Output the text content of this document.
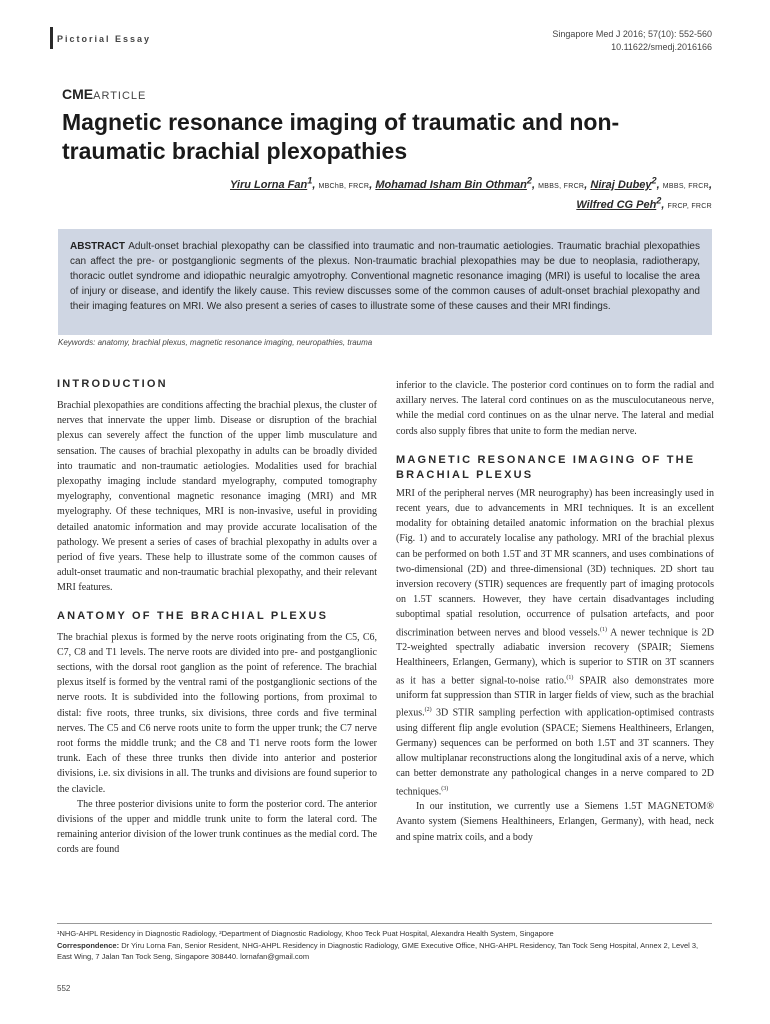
Pictorial Essay	Singapore Med J 2016; 57(10): 552-560
10.11622/smedj.2016166
CMEARTICLE
Magnetic resonance imaging of traumatic and non-traumatic brachial plexopathies
Yiru Lorna Fan$^1$, MBChB, FRCR, Mohamad Isham Bin Othman$^2$, MBBS, FRCR, Niraj Dubey$^2$, MBBS, FRCR,
Wilfred CG Peh$^2$, FRCP, FRCR
ABSTRACT Adult-onset brachial plexopathy can be classified into traumatic and non-traumatic aetiologies. Traumatic brachial plexopathies can affect the pre- or postganglionic segments of the plexus. Non-traumatic brachial plexopathies may be due to neoplasia, radiotherapy, thoracic outlet syndrome and idiopathic neuralgic amyotrophy. Conventional magnetic resonance imaging (MRI) is useful to localise the area of injury or disease, and identify the likely cause. This review discusses some of the common causes of adult-onset brachial plexopathy and their imaging features on MRI. We also present a series of cases to illustrate some of these causes and their MRI findings.
Keywords: anatomy, brachial plexus, magnetic resonance imaging, neuropathies, trauma
INTRODUCTION

Brachial plexopathies are conditions affecting the brachial plexus, the cluster of nerves that innervate the upper limb. Disease or disruption of the brachial plexus can severely affect the function of the upper limb musculature and sensation. The causes of brachial plexopathy in adults can be broadly divided into traumatic and non-traumatic aetiologies. Modalities used for brachial plexopathy imaging include standard myelography, computed tomography myelography, conventional magnetic resonance imaging (MRI) and MR myelography. Of these techniques, MRI is non-invasive, useful in providing detailed anatomic information and may provide accurate localisation of the pathology. We present a series of cases of brachial plexopathy in adults over a period of five years. These help to illustrate some of the common causes of adult-onset traumatic and non-traumatic brachial plexopathy, and their relevant MRI features.

ANATOMY OF THE BRACHIAL PLEXUS

The brachial plexus is formed by the nerve roots originating from the C5, C6, C7, C8 and T1 levels. The nerve roots are divided into pre- and postganglionic sections, with the dorsal root ganglion as the point of reference. The brachial plexus itself is formed by the ventral rami of the postganglionic sections of the nerve roots. It is subdivided into the following portions, from proximal to distal: five roots, three trunks, six divisions, three cords and five terminal nerves. The C5 and C6 nerve roots unite to form the upper trunk; the C7 nerve root forms the middle trunk; and the C8 and T1 nerve roots form the lower trunk. Each of these three trunks then divide into anterior and posterior divisions, i.e. six divisions in all. The trunks and divisions are found superior to the clavicle.

The three posterior divisions unite to form the posterior cord. The anterior divisions of the upper and middle trunk unite to form the lateral cord. The remaining anterior division of the lower trunk continues as the medial cord. The cords are found

inferior to the clavicle. The posterior cord continues on to form the radial and axillary nerves. The lateral cord continues on as the musculocutaneous nerve, while the medial cord continues on as the ulnar nerve. The lateral and medial cords also supply fibres that unite to form the median nerve.

MAGNETIC RESONANCE IMAGING OF THE BRACHIAL PLEXUS

MRI of the peripheral nerves (MR neurography) has been increasingly used in recent years, due to advancements in MRI techniques. It is an excellent modality for obtaining detailed anatomic information on the brachial plexus (Fig. 1) and to accurately localise any pathology. MRI of the brachial plexus can be performed on both 1.5T and 3T MR scanners, and uses combinations of two-dimensional (2D) and three-dimensional (3D) techniques. 2D short tau inversion recovery (STIR) sequences are frequently part of imaging protocols on 1.5T scanners. However, they have certain disadvantages including suboptimal spatial resolution, occurrence of pulsation artefacts, and poor discrimination between nerves and blood vessels.$^{(1)}$ A newer technique is 2D T2-weighted spectrally adiabatic inversion recovery (SPAIR; Siemens Healthineers, Erlangen, Germany), which is superior to STIR on 3T scanners as it has a better signal-to-noise ratio.$^{(1)}$ SPAIR also demonstrates more uniform fat suppression than STIR in larger fields of view, such as the brachial plexus.$^{(2)}$ 3D STIR sampling perfection with application-optimised contrasts using different flip angle evolution (SPACE; Siemens Healthineers, Erlangen, Germany) sequences can be performed on both 1.5T and 3T scanners. They allow multiplanar reconstructions along the longitudinal axis of a nerve, which can better demonstrate any pathological changes in a nerve compared to 2D techniques.$^{(3)}$

In our institution, we currently use a Siemens 1.5T MAGNETOM® Avanto system (Siemens Healthineers, Erlangen, Germany), with head, neck and spine matrix coils, and a body

¹NHG-AHPL Residency in Diagnostic Radiology, ²Department of Diagnostic Radiology, Khoo Teck Puat Hospital, Alexandra Health System, Singapore
Correspondence: Dr Yiru Lorna Fan, Senior Resident, NHG-AHPL Residency in Diagnostic Radiology, GME Executive Office, NHG-AHPL Residency, Tan Tock Seng Hospital, Annex 2, Level 3, East Wing, 7 Jalan Tan Tock Seng, Singapore 308440. lornafan@gmail.com
552
